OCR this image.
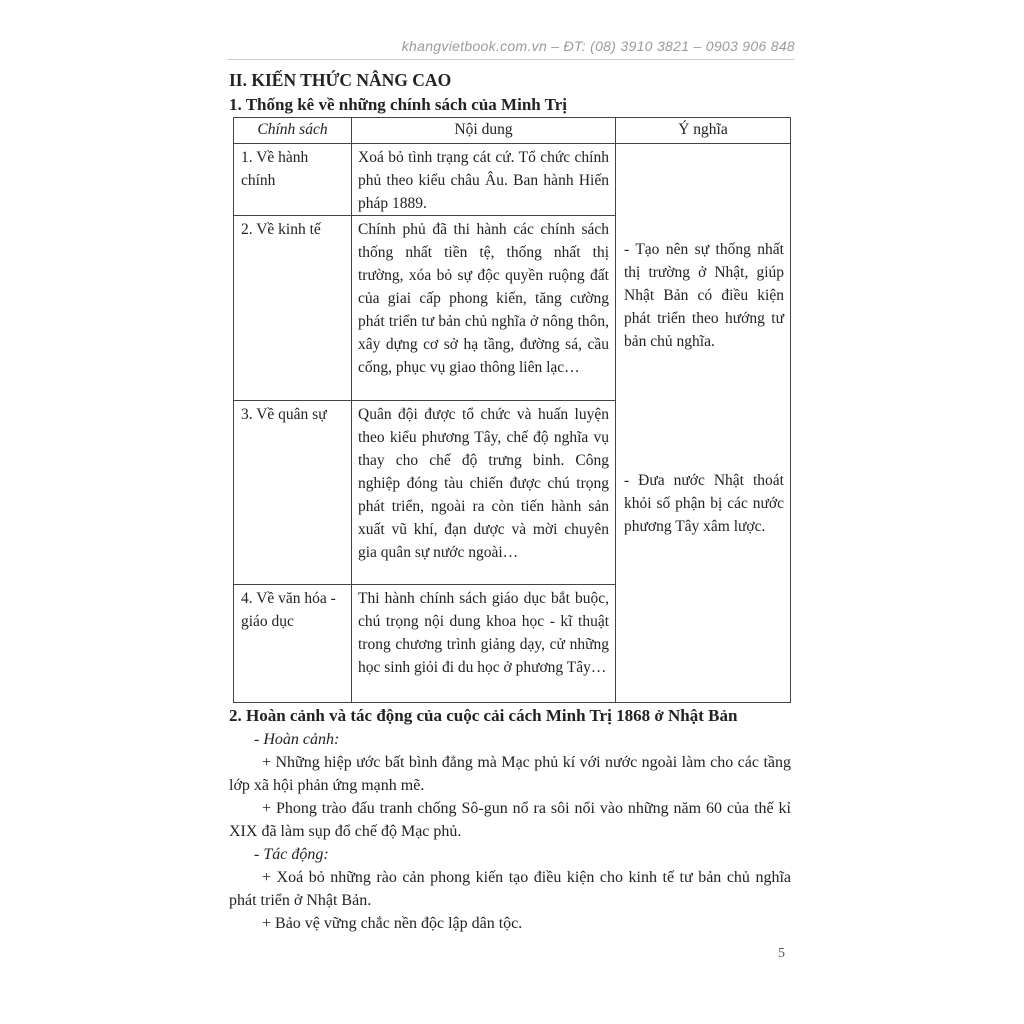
khangvietbook.com.vn – ĐT: (08) 3910 3821 – 0903 906 848
II. KIẾN THỨC NÂNG CAO
1. Thống kê về những chính sách của Minh Trị
Chính sách	Nội dung	Ý nghĩa
1. Về hành chính	Xoá bỏ tình trạng cát cứ. Tổ chức chính phủ theo kiểu châu Âu. Ban hành Hiến pháp 1889.	- Tạo nên sự thống nhất thị trường ở Nhật, giúp Nhật Bản có điều kiện phát triển theo hướng tư bản chủ nghĩa.
- Đưa nước Nhật thoát khỏi số phận bị các nước phương Tây xâm lược.

2. Về kinh tế	Chính phủ đã thi hành các chính sách thống nhất tiền tệ, thống nhất thị trường, xóa bỏ sự độc quyền ruộng đất của giai cấp phong kiến, tăng cường phát triển tư bản chủ nghĩa ở nông thôn, xây dựng cơ sở hạ tầng, đường sá, cầu cống, phục vụ giao thông liên lạc…	
3. Về quân sự	Quân đội được tổ chức và huấn luyện theo kiểu phương Tây, chế độ nghĩa vụ thay cho chế độ trưng binh. Công nghiệp đóng tàu chiến được chú trọng phát triển, ngoài ra còn tiến hành sản xuất vũ khí, đạn dược và mời chuyên gia quân sự nước ngoài…	
4. Về văn hóa - giáo dục	Thi hành chính sách giáo dục bắt buộc, chú trọng nội dung khoa học - kĩ thuật trong chương trình giảng dạy, cử những học sinh giỏi đi du học ở phương Tây…	
2. Hoàn cảnh và tác động của cuộc cải cách Minh Trị 1868 ở Nhật Bản
- Hoàn cảnh:
+ Những hiệp ước bất bình đẳng mà Mạc phủ kí với nước ngoài làm cho các tầng lớp xã hội phản ứng mạnh mẽ.
+ Phong trào đấu tranh chống Sô-gun nổ ra sôi nổi vào những năm 60 của thế kỉ XIX đã làm sụp đổ chế độ Mạc phủ.
- Tác động:
+ Xoá bỏ những rào cản phong kiến tạo điều kiện cho kinh tế tư bản chủ nghĩa phát triển ở Nhật Bản.
+ Bảo vệ vững chắc nền độc lập dân tộc.
5
